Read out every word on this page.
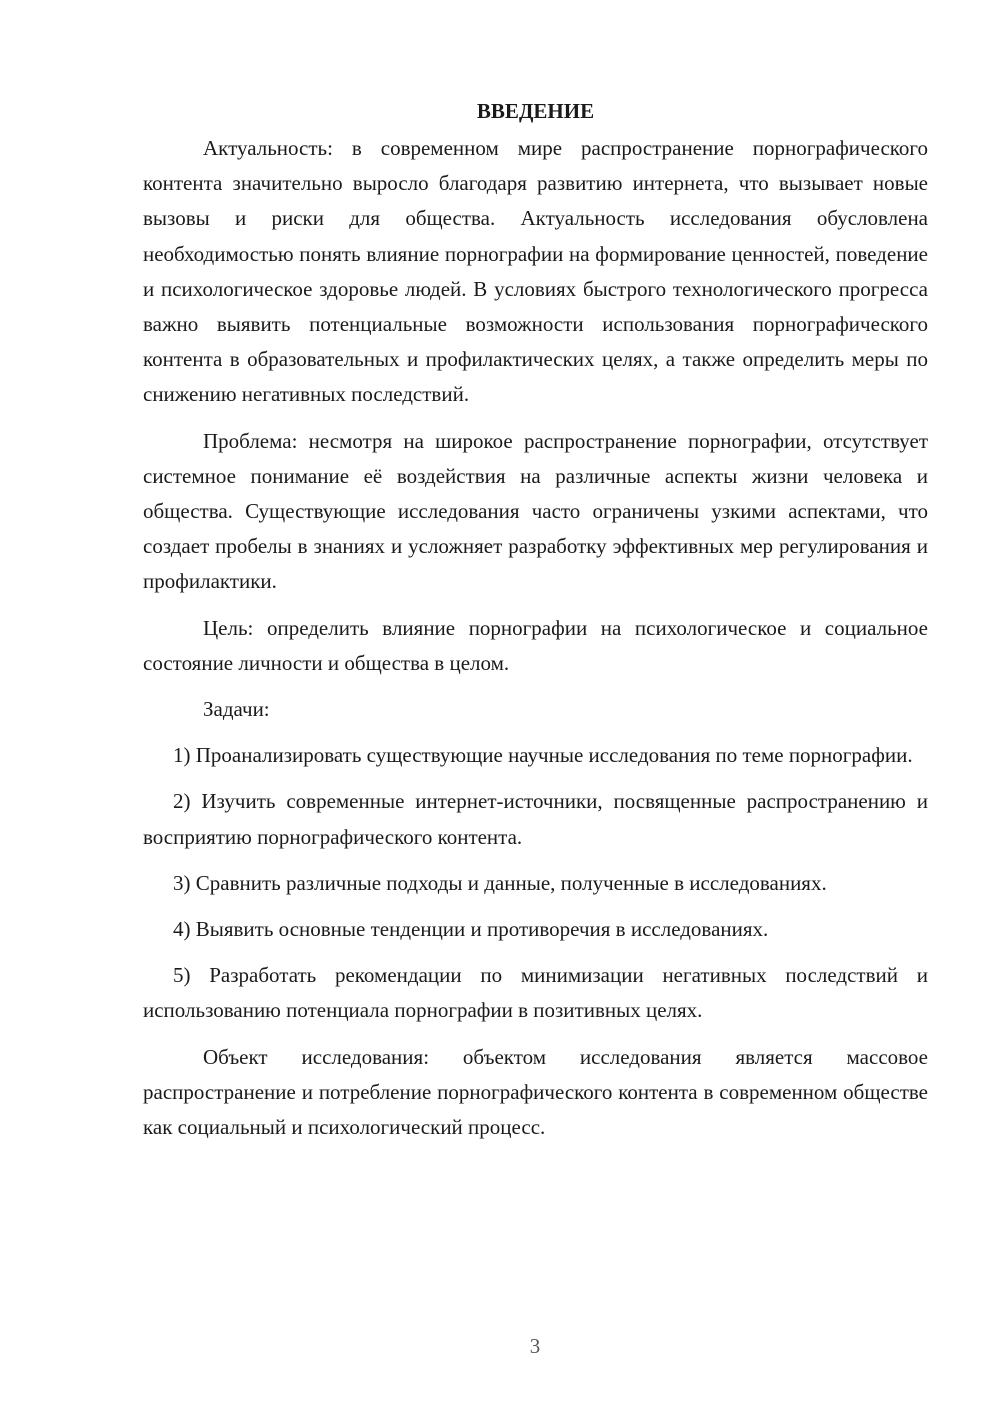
ВВЕДЕНИЕ

Актуальность: в современном мире распространение порнографического контента значительно выросло благодаря развитию интернета, что вызывает новые вызовы и риски для общества. Актуальность исследования обусловлена необходимостью понять влияние порнографии на формирование ценностей, поведение и психологическое здоровье людей. В условиях быстрого технологического прогресса важно выявить потенциальные возможности использования порнографического контента в образовательных и профилактических целях, а также определить меры по снижению негативных последствий.

Проблема: несмотря на широкое распространение порнографии, отсутствует системное понимание её воздействия на различные аспекты жизни человека и общества. Существующие исследования часто ограничены узкими аспектами, что создает пробелы в знаниях и усложняет разработку эффективных мер регулирования и профилактики.

Цель: определить влияние порнографии на психологическое и социальное состояние личности и общества в целом.

Задачи:

1) Проанализировать существующие научные исследования по теме порнографии.

2) Изучить современные интернет-источники, посвященные распространению и восприятию порнографического контента.

3) Сравнить различные подходы и данные, полученные в исследованиях.

4) Выявить основные тенденции и противоречия в исследованиях.

5) Разработать рекомендации по минимизации негативных последствий и использованию потенциала порнографии в позитивных целях.

Объект исследования: объектом исследования является массовое распространение и потребление порнографического контента в современном обществе как социальный и психологический процесс.

3
